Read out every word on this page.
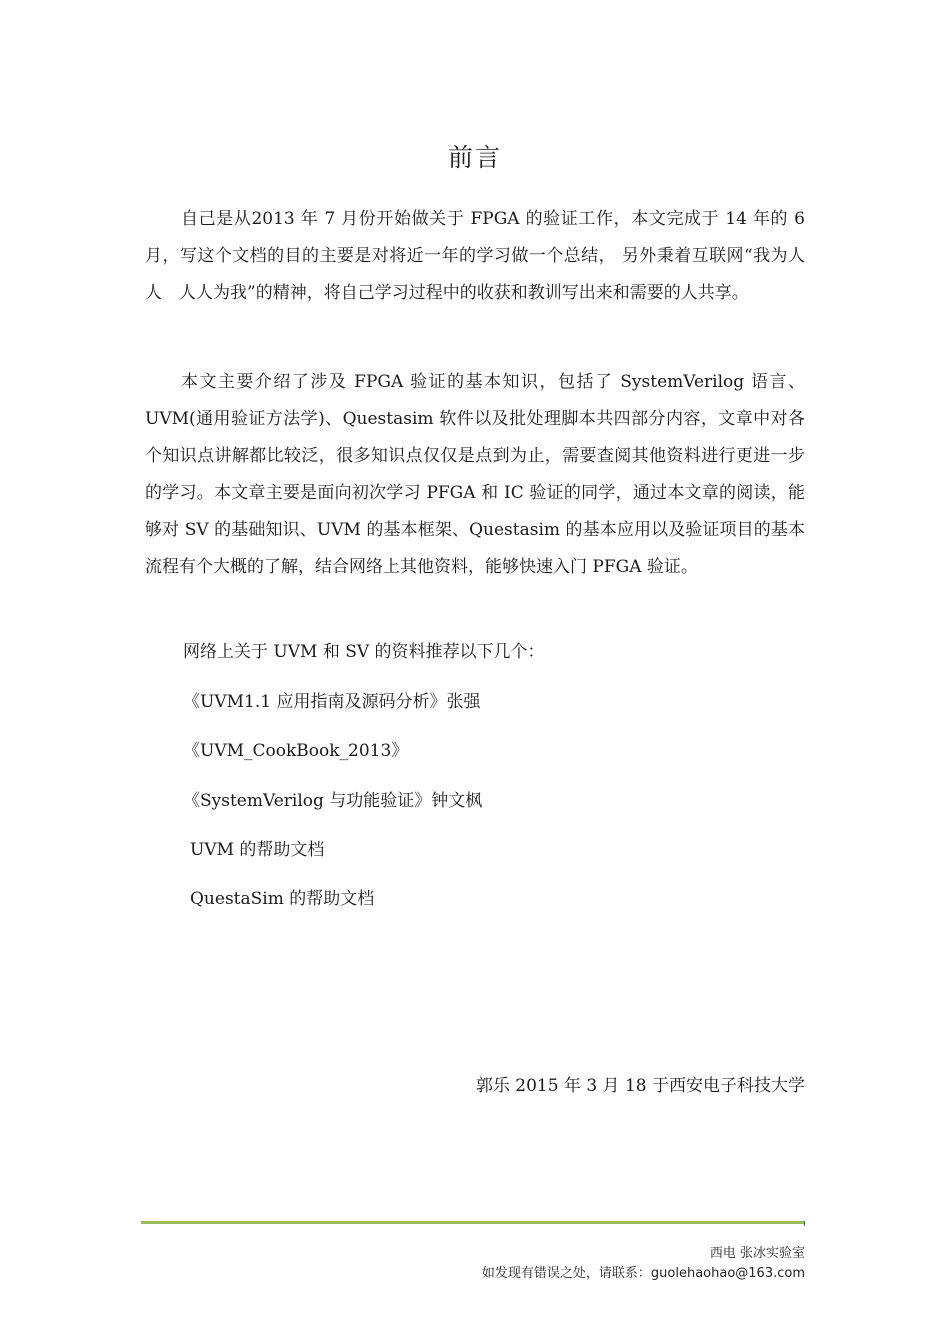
前言

自己是从2013 年 7 月份开始做关于 FPGA 的验证工作，本文完成于 14 年的 6 月，写这个文档的目的主要是对将近一年的学习做一个总结， 另外秉着互联网“我为人人　人人为我”的精神，将自己学习过程中的收获和教训写出来和需要的人共享。

本文主要介绍了涉及 FPGA 验证的基本知识，包括了 SystemVerilog 语言、UVM(通用验证方法学)、Questasim 软件以及批处理脚本共四部分内容，文章中对各个知识点讲解都比较泛，很多知识点仅仅是点到为止，需要查阅其他资料进行更进一步的学习。本文章主要是面向初次学习 PFGA 和 IC 验证的同学，通过本文章的阅读，能够对 SV 的基础知识、UVM 的基本框架、Questasim 的基本应用以及验证项目的基本流程有个大概的了解，结合网络上其他资料，能够快速入门 PFGA 验证。

网络上关于 UVM 和 SV 的资料推荐以下几个：
《UVM1.1 应用指南及源码分析》张强
《UVM_CookBook_2013》
《SystemVerilog 与功能验证》钟文枫
UVM 的帮助文档
QuestaSim 的帮助文档
郭乐 2015 年 3 月 18 于西安电子科技大学
西电 张冰实验室
如发现有错误之处，请联系：guolehaohao@163.com
